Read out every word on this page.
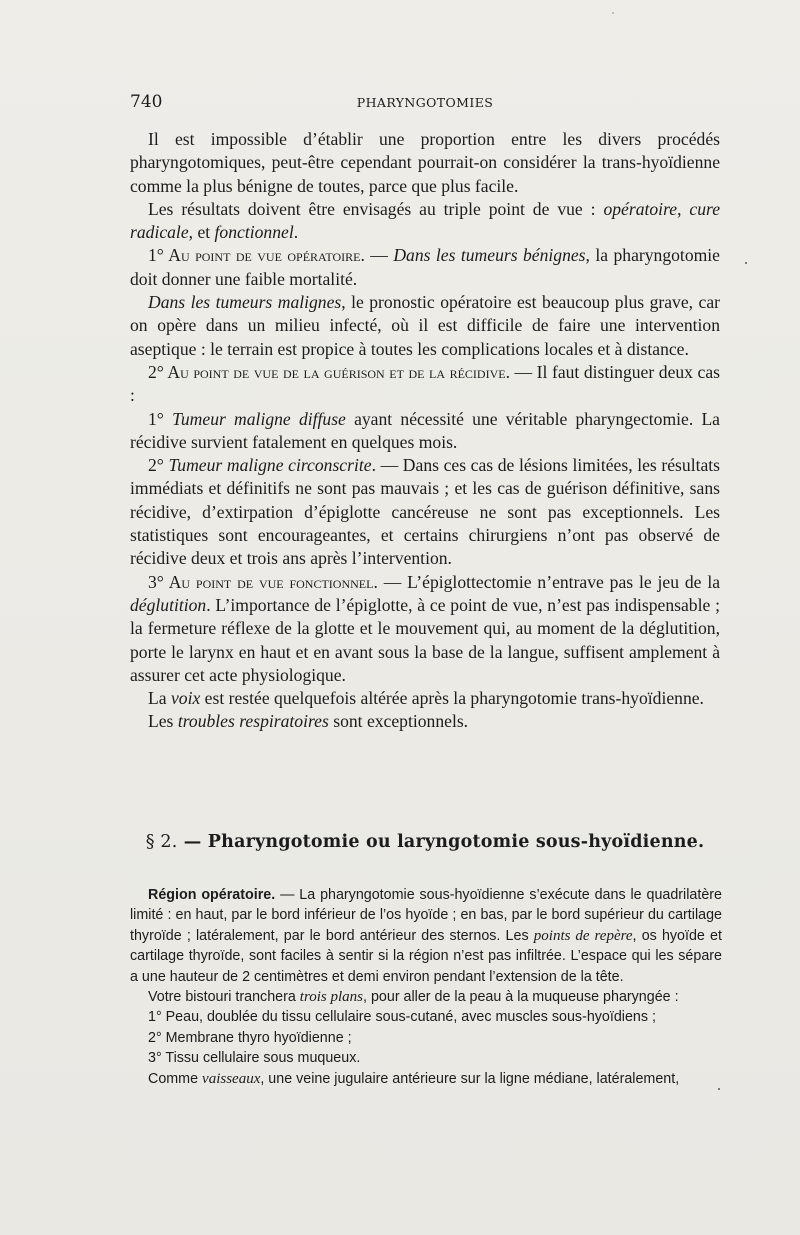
740	PHARYNGOTOMIES

Il est impossible d’établir une proportion entre les divers procédés pharyngotomiques, peut-être cependant pourrait-on considérer la trans-hyoïdienne comme la plus bénigne de toutes, parce que plus facile.

Les résultats doivent être envisagés au triple point de vue : opératoire, cure radicale, et fonctionnel.

1° Au point de vue opératoire. — Dans les tumeurs bénignes, la pharyngotomie doit donner une faible mortalité.

Dans les tumeurs malignes, le pronostic opératoire est beaucoup plus grave, car on opère dans un milieu infecté, où il est difficile de faire une intervention aseptique : le terrain est propice à toutes les complications locales et à distance.

2° Au point de vue de la guérison et de la récidive. — Il faut distinguer deux cas :

1° Tumeur maligne diffuse ayant nécessité une véritable pharyngectomie. La récidive survient fatalement en quelques mois.

2° Tumeur maligne circonscrite. — Dans ces cas de lésions limitées, les résultats immédiats et définitifs ne sont pas mauvais ; et les cas de guérison définitive, sans récidive, d’extirpation d’épiglotte cancéreuse ne sont pas exceptionnels. Les statistiques sont encourageantes, et certains chirurgiens n’ont pas observé de récidive deux et trois ans après l’intervention.

3° Au point de vue fonctionnel. — L’épiglottectomie n’entrave pas le jeu de la déglutition. L’importance de l’épiglotte, à ce point de vue, n’est pas indispensable ; la fermeture réflexe de la glotte et le mouvement qui, au moment de la déglutition, porte le larynx en haut et en avant sous la base de la langue, suffisent amplement à assurer cet acte physiologique.

La voix est restée quelquefois altérée après la pharyngotomie trans-hyoïdienne.

Les troubles respiratoires sont exceptionnels.

§ 2. — Pharyngotomie ou laryngotomie sous-hyoïdienne.

Région opératoire. — La pharyngotomie sous-hyoïdienne s’exécute dans le quadrilatère limité : en haut, par le bord inférieur de l’os hyoïde ; en bas, par le bord supérieur du cartilage thyroïde ; latéralement, par le bord antérieur des sternos. Les points de repère, os hyoïde et cartilage thyroïde, sont faciles à sentir si la région n’est pas infiltrée. L’espace qui les sépare a une hauteur de 2 centimètres et demi environ pendant l’extension de la tête.

Votre bistouri tranchera trois plans, pour aller de la peau à la muqueuse pharyngée :

1° Peau, doublée du tissu cellulaire sous-cutané, avec muscles sous-hyoïdiens ;

2° Membrane thyro hyoïdienne ;

3° Tissu cellulaire sous muqueux.

Comme vaisseaux, une veine jugulaire antérieure sur la ligne médiane, latéralement,
